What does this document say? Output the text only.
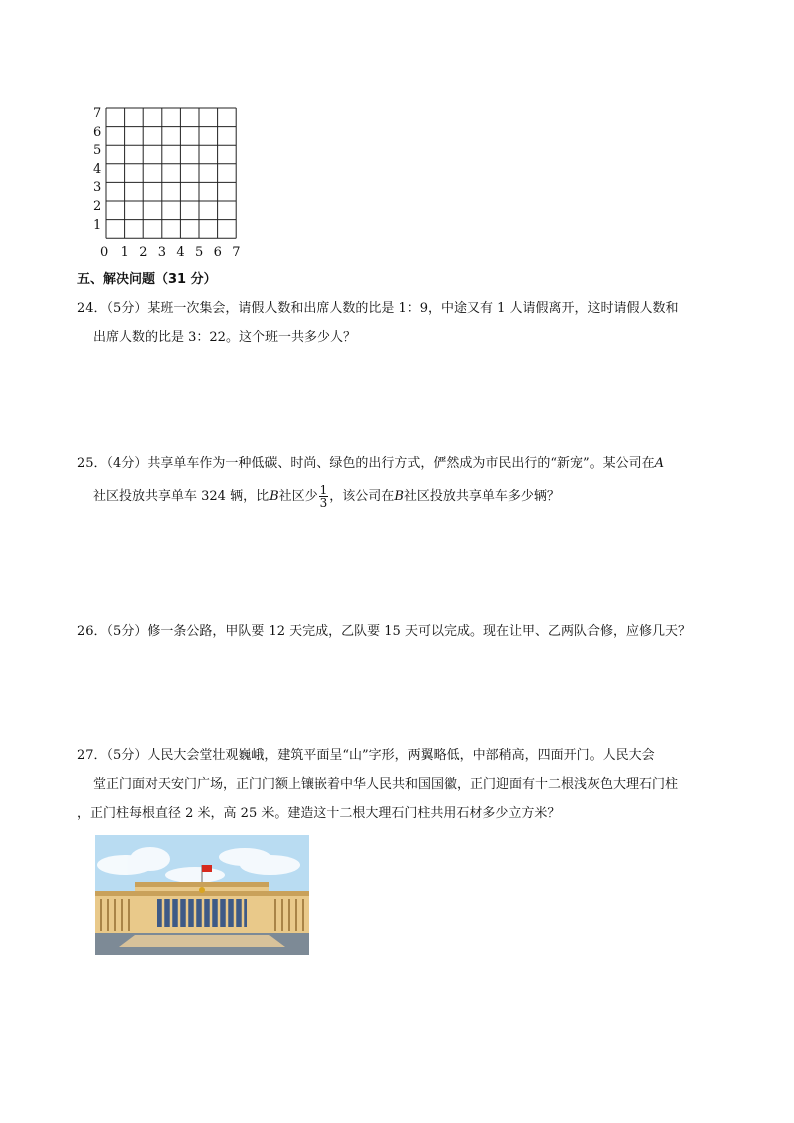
1
2
3
4
5
6
7
0 1 2 3 4 5 6 7
五、解决问题（31 分）

24．（5分）某班一次集会，请假人数和出席人数的比是 1：9，中途又有 1 人请假离开，这时请假人数和

出席人数的比是 3：22。这个班一共多少人？

25．（4分）共享单车作为一种低碳、时尚、绿色的出行方式，俨然成为市民出行的“新宠”。某公司在A

社区投放共享单车 324 辆，比B社区少 $\frac{1}{3}$ ，该公司在B社区投放共享单车多少辆？

26．（5分）修一条公路，甲队要 12 天完成，乙队要 15 天可以完成。现在让甲、乙两队合修，应修几天？

27．（5分）人民大会堂壮观巍峨，建筑平面呈“山”字形，两翼略低，中部稍高，四面开门。人民大会

堂正门面对天安门广场，正门门额上镶嵌着中华人民共和国国徽，正门迎面有十二根浅灰色大理石门柱

，正门柱每根直径 2 米，高 25 米。建造这十二根大理石门柱共用石材多少立方米？
